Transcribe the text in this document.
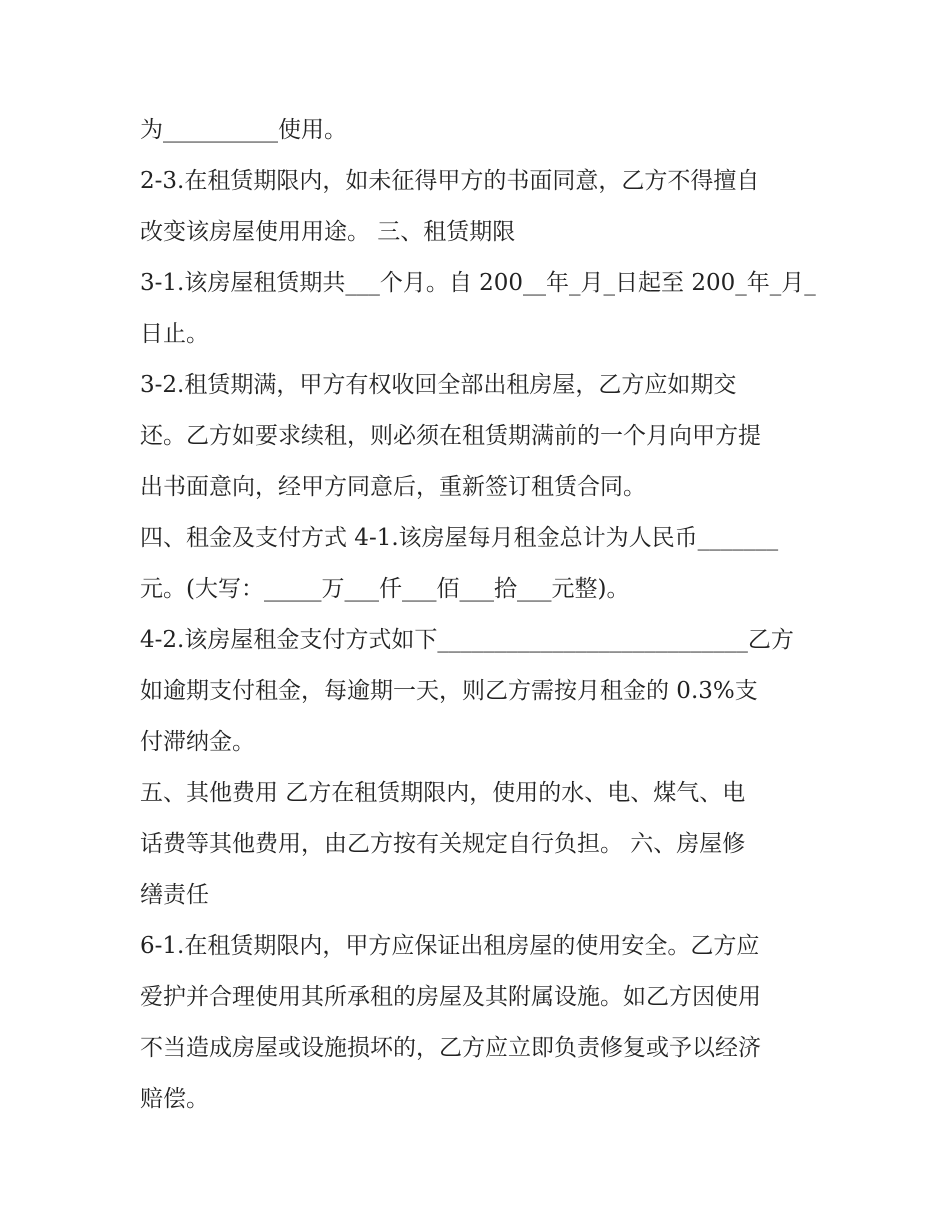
为__________使用。
2-3.在租赁期限内，如未征得甲方的书面同意，乙方不得擅自
改变该房屋使用用途。 三、租赁期限
3-1.该房屋租赁期共___个月。自 200__年_月_日起至 200_年_月_
日止。
3-2.租赁期满，甲方有权收回全部出租房屋，乙方应如期交
还。乙方如要求续租，则必须在租赁期满前的一个月向甲方提
出书面意向，经甲方同意后，重新签订租赁合同。
四、租金及支付方式 4-1.该房屋每月租金总计为人民币_______
元。(大写：_____万___仟___佰___拾___元整)。
4-2.该房屋租金支付方式如下___________________________乙方
如逾期支付租金，每逾期一天，则乙方需按月租金的 0.3%支
付滞纳金。
五、其他费用 乙方在租赁期限内，使用的水、电、煤气、电
话费等其他费用，由乙方按有关规定自行负担。 六、房屋修
缮责任
6-1.在租赁期限内，甲方应保证出租房屋的使用安全。乙方应
爱护并合理使用其所承租的房屋及其附属设施。如乙方因使用
不当造成房屋或设施损坏的，乙方应立即负责修复或予以经济
赔偿。
